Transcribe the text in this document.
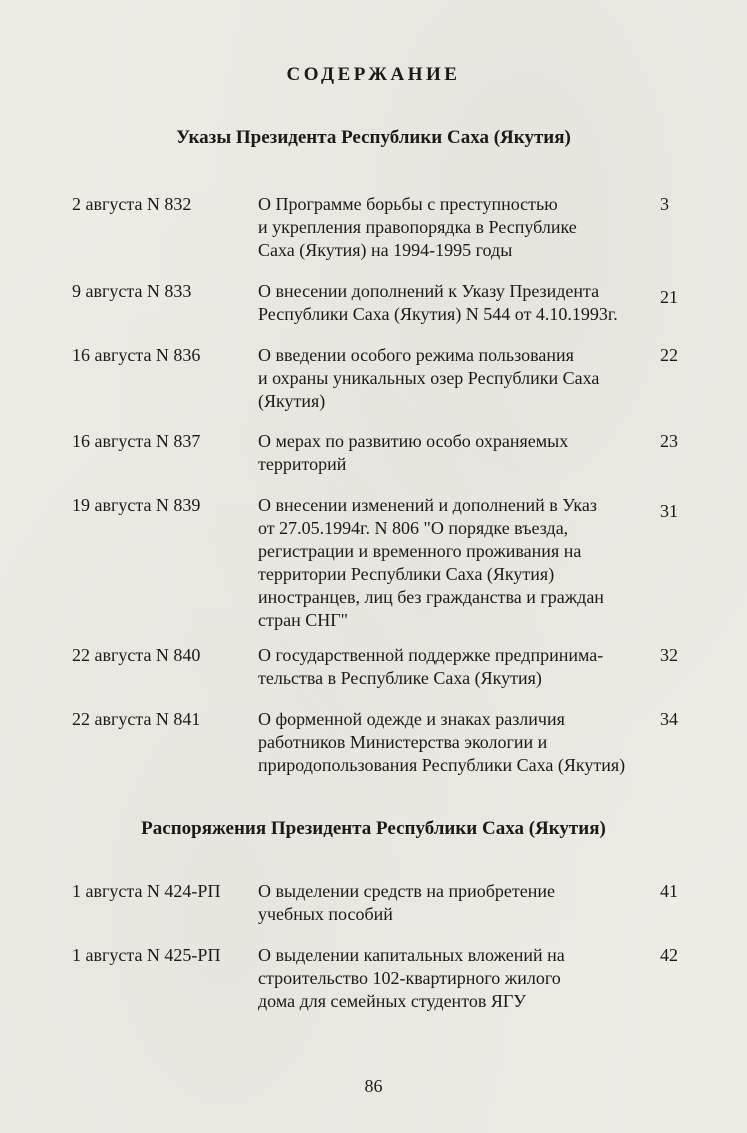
СОДЕРЖАНИЕ
Указы Президента Республики Саха (Якутия)
2 августа N 832	О Программе борьбы с преступностью
и укрепления правопорядка в Республике
Саха (Якутия) на 1994-1995 годы
3
9 августа N 833	О внесении дополнений к Указу Президента
Республики Саха (Якутия) N 544 от 4.10.1993г.
21
16 августа N 836	О введении особого режима пользования
и охраны уникальных озер Республики Саха
(Якутия)
22
16 августа N 837	О мерах по развитию особо охраняемых
территорий
23
19 августа N 839	О внесении изменений и дополнений в Указ
от 27.05.1994г. N 806 "О порядке въезда,
регистрации и временного проживания на
территории Республики Саха (Якутия)
иностранцев, лиц без гражданства и граждан
стран СНГ"
31
22 августа N 840	О государственной поддержке предпринима-
тельства в Республике Саха (Якутия)
32
22 августа N 841	О форменной одежде и знаках различия
работников Министерства экологии и
природопользования Республики Саха (Якутия)
34
Распоряжения Президента Республики Саха (Якутия)
1 августа N 424-РП О выделении средств на приобретение
учебных пособий
41
1 августа N 425-РП О выделении капитальных вложений на
строительство 102-квартирного жилого
дома для семейных студентов ЯГУ
42
86
